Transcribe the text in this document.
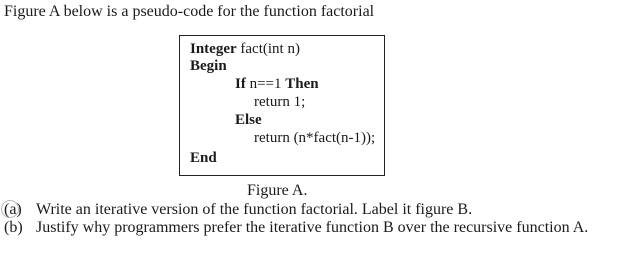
Figure A below is a pseudo-code for the function factorial
Integer fact(int n)
Begin
If n==1 Then
return 1;
Else
return (n*fact(n-1));
End
Figure A.
(a) Write an iterative version of the function factorial. Label it figure B.
(b) Justify why programmers prefer the iterative function B over the recursive function A.
